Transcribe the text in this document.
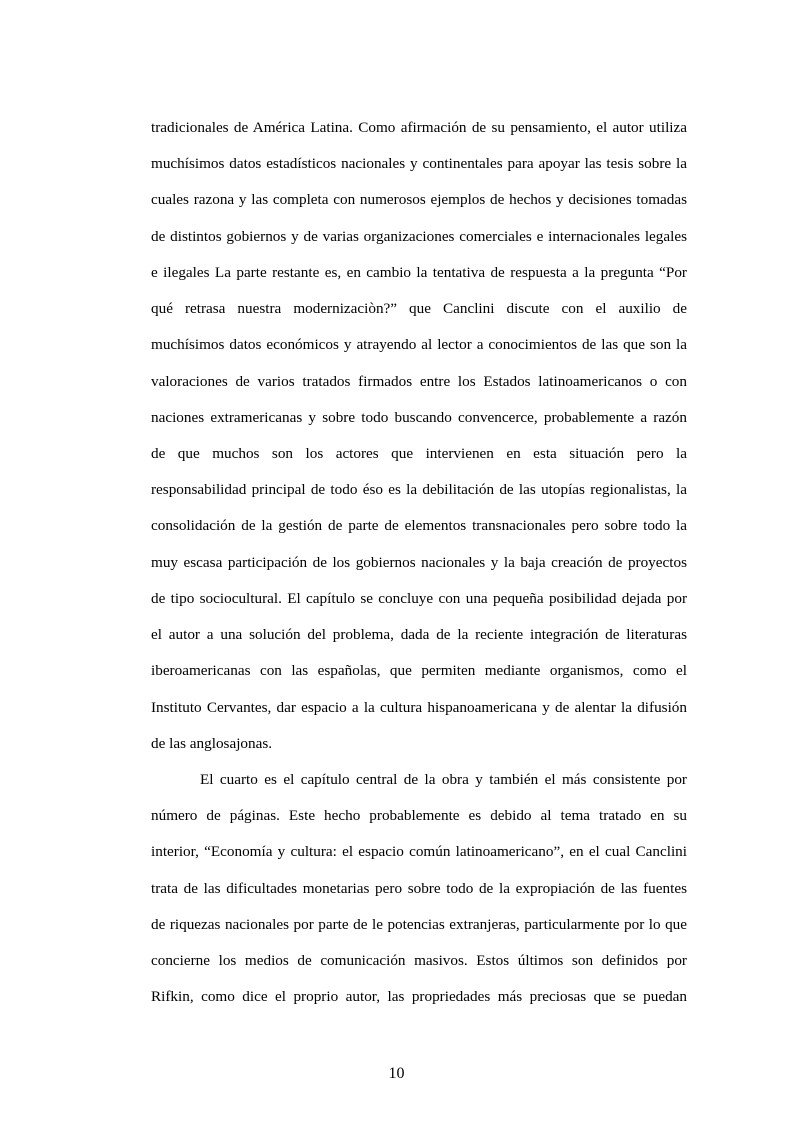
tradicionales de América Latina. Como afirmación de su pensamiento, el autor utiliza
muchísimos datos estadísticos nacionales y continentales para apoyar las tesis sobre la
cuales razona y las completa con numerosos ejemplos de hechos y decisiones tomadas
de distintos gobiernos y de varias organizaciones comerciales e internacionales legales
e ilegales La parte restante es, en cambio la tentativa de respuesta a la pregunta “Por
qué retrasa nuestra modernizaciòn?” que Canclini discute con el auxilio de
muchísimos datos económicos y atrayendo al lector a conocimientos de las que son la
valoraciones de varios tratados firmados entre los Estados latinoamericanos o con
naciones extramericanas y sobre todo buscando convencerce, probablemente a razón
de que muchos son los actores que intervienen en esta situación pero la
responsabilidad principal de todo éso es la debilitación de las utopías regionalistas, la
consolidación de la gestión de parte de elementos transnacionales pero sobre todo la
muy escasa participación de los gobiernos nacionales y la baja creación de proyectos
de tipo sociocultural. El capítulo se concluye con una pequeña posibilidad dejada por
el autor a una solución del problema, dada de la reciente integración de literaturas
iberoamericanas con las españolas, que permiten mediante organismos, como el
Instituto Cervantes, dar espacio a la cultura hispanoamericana y de alentar la difusión
de las anglosajonas.
El cuarto es el capítulo central de la obra y también el más consistente por
número de páginas. Este hecho probablemente es debido al tema tratado en su
interior, “Economía y cultura: el espacio común latinoamericano”, en el cual Canclini
trata de las dificultades monetarias pero sobre todo de la expropiación de las fuentes
de riquezas nacionales por parte de le potencias extranjeras, particularmente por lo que
concierne los medios de comunicación masivos. Estos últimos son definidos por
Rifkin, como dice el proprio autor, las propriedades más preciosas que se puedan
10
